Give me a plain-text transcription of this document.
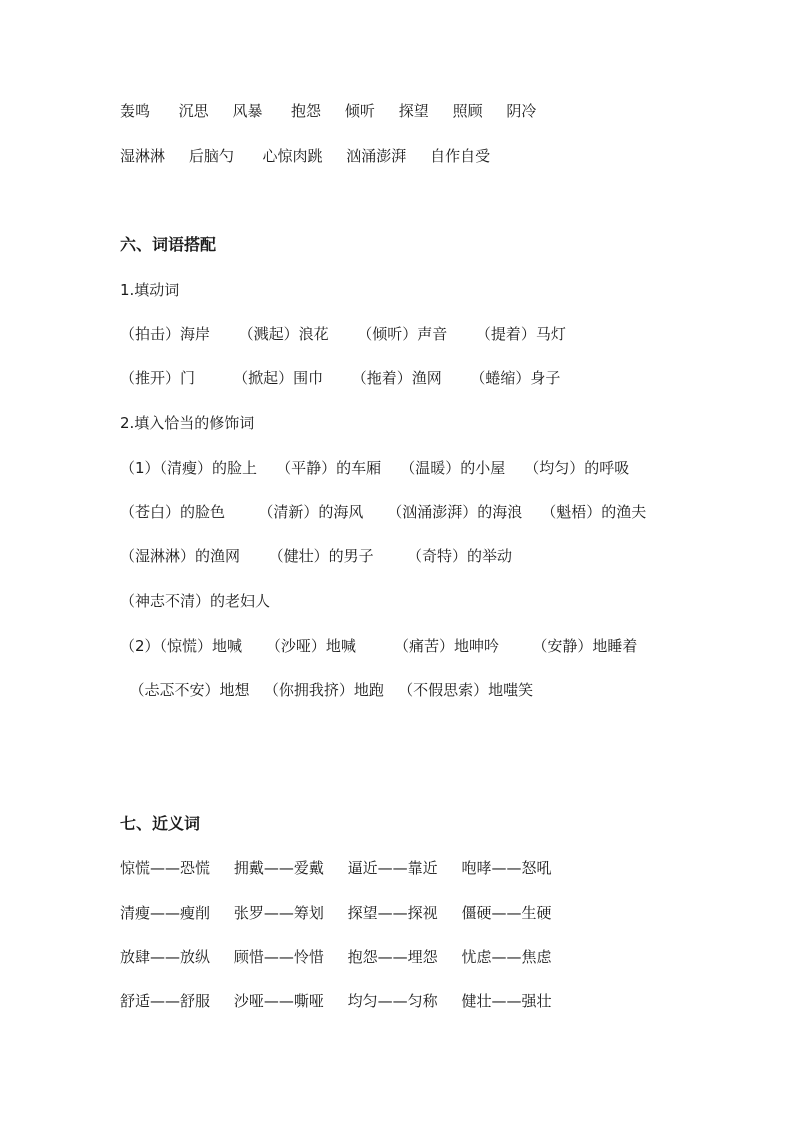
轰鸣      沉思     风暴      抱怨     倾听     探望     照顾     阴冷
湿淋淋     后脑勺      心惊肉跳     汹涌澎湃     自作自受
六、词语搭配
1.填动词
（拍击）海岸      （溅起）浪花      （倾听）声音      （提着）马灯
（推开）门        （掀起）围巾      （拖着）渔网      （蜷缩）身子
2.填入恰当的修饰词
（1）（清瘦）的脸上    （平静）的车厢    （温暖）的小屋    （均匀）的呼吸
（苍白）的脸色       （清新）的海风     （汹涌澎湃）的海浪    （魁梧）的渔夫
（湿淋淋）的渔网      （健壮）的男子       （奇特）的举动
（神志不清）的老妇人
（2）（惊慌）地喊     （沙哑）地喊        （痛苦）地呻吟       （安静）地睡着
（忐忑不安）地想   （你拥我挤）地跑   （不假思索）地嗤笑
七、近义词
惊慌——恐慌     拥戴——爱戴     逼近——靠近     咆哮——怒吼
清瘦——瘦削     张罗——筹划     探望——探视     僵硬——生硬
放肆——放纵     顾惜——怜惜     抱怨——埋怨     忧虑——焦虑
舒适——舒服     沙哑——嘶哑     均匀——匀称     健壮——强壮
